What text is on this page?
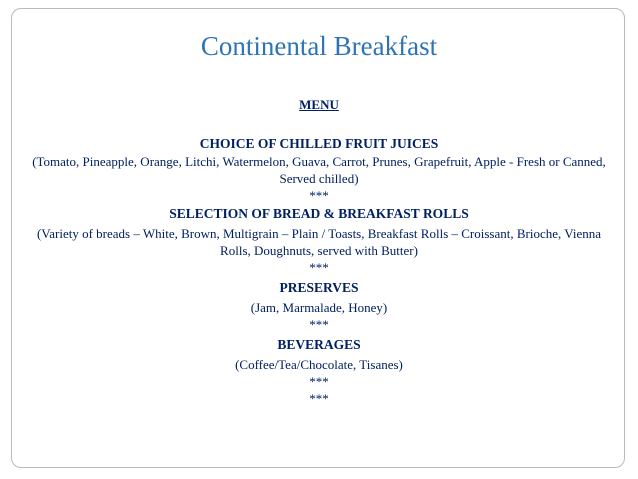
Continental Breakfast
MENU
CHOICE OF CHILLED FRUIT JUICES
(Tomato, Pineapple, Orange, Litchi, Watermelon, Guava, Carrot, Prunes, Grapefruit, Apple - Fresh or Canned, Served chilled)
***
SELECTION OF BREAD & BREAKFAST ROLLS
(Variety of breads – White, Brown, Multigrain – Plain / Toasts, Breakfast Rolls – Croissant, Brioche, Vienna Rolls, Doughnuts, served with Butter)
***
PRESERVES
(Jam, Marmalade, Honey)
***
BEVERAGES
(Coffee/Tea/Chocolate, Tisanes)
***
***
